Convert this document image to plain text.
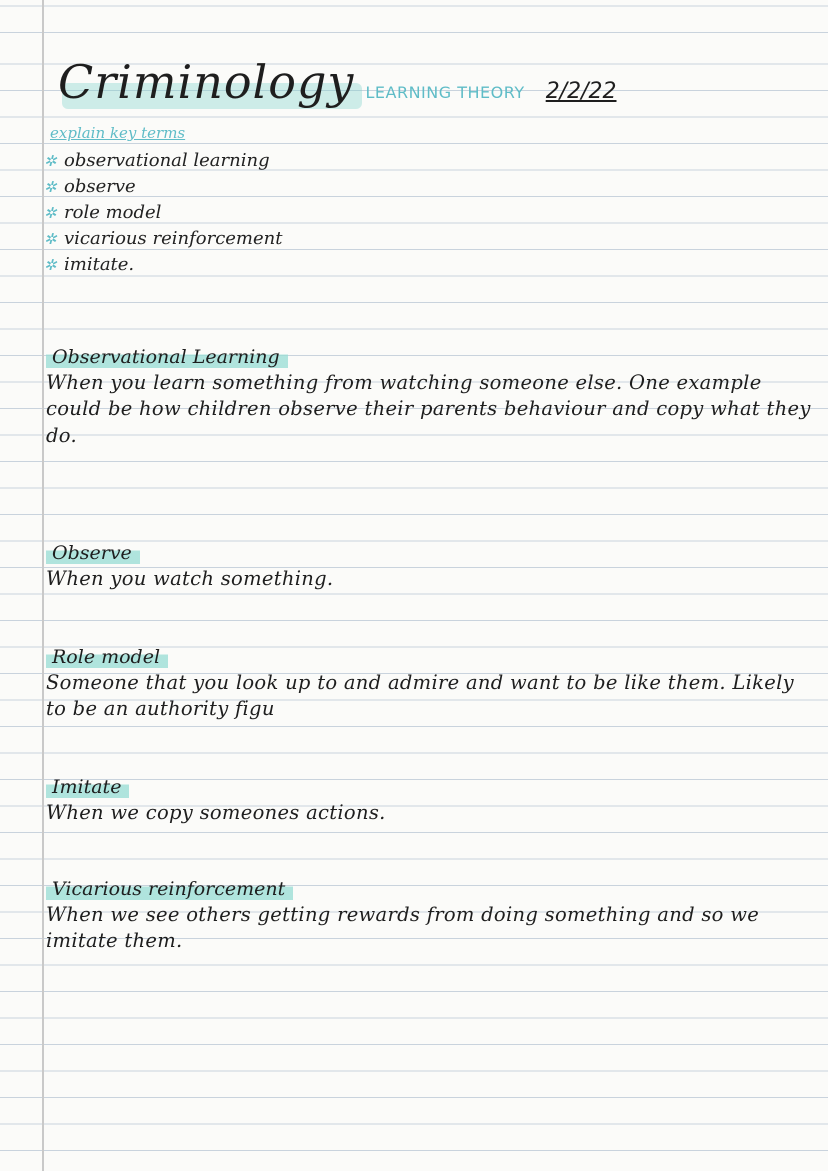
Criminology LEARNING THEORY 2/2/22
explain key terms
✲ observational learning
✲ observe
✲ role model
✲ vicarious reinforcement
✲ imitate.
Observational Learning

When you learn something from watching someone else. One example could be how children observe their parents behaviour and copy what they do.

Observe

When you watch something.

Role model

Someone that you look up to and admire and want to be like them. Likely to be an authority figu

Imitate

When we copy someones actions.

Vicarious reinforcement

When we see others getting rewards from doing something and so we imitate them.
